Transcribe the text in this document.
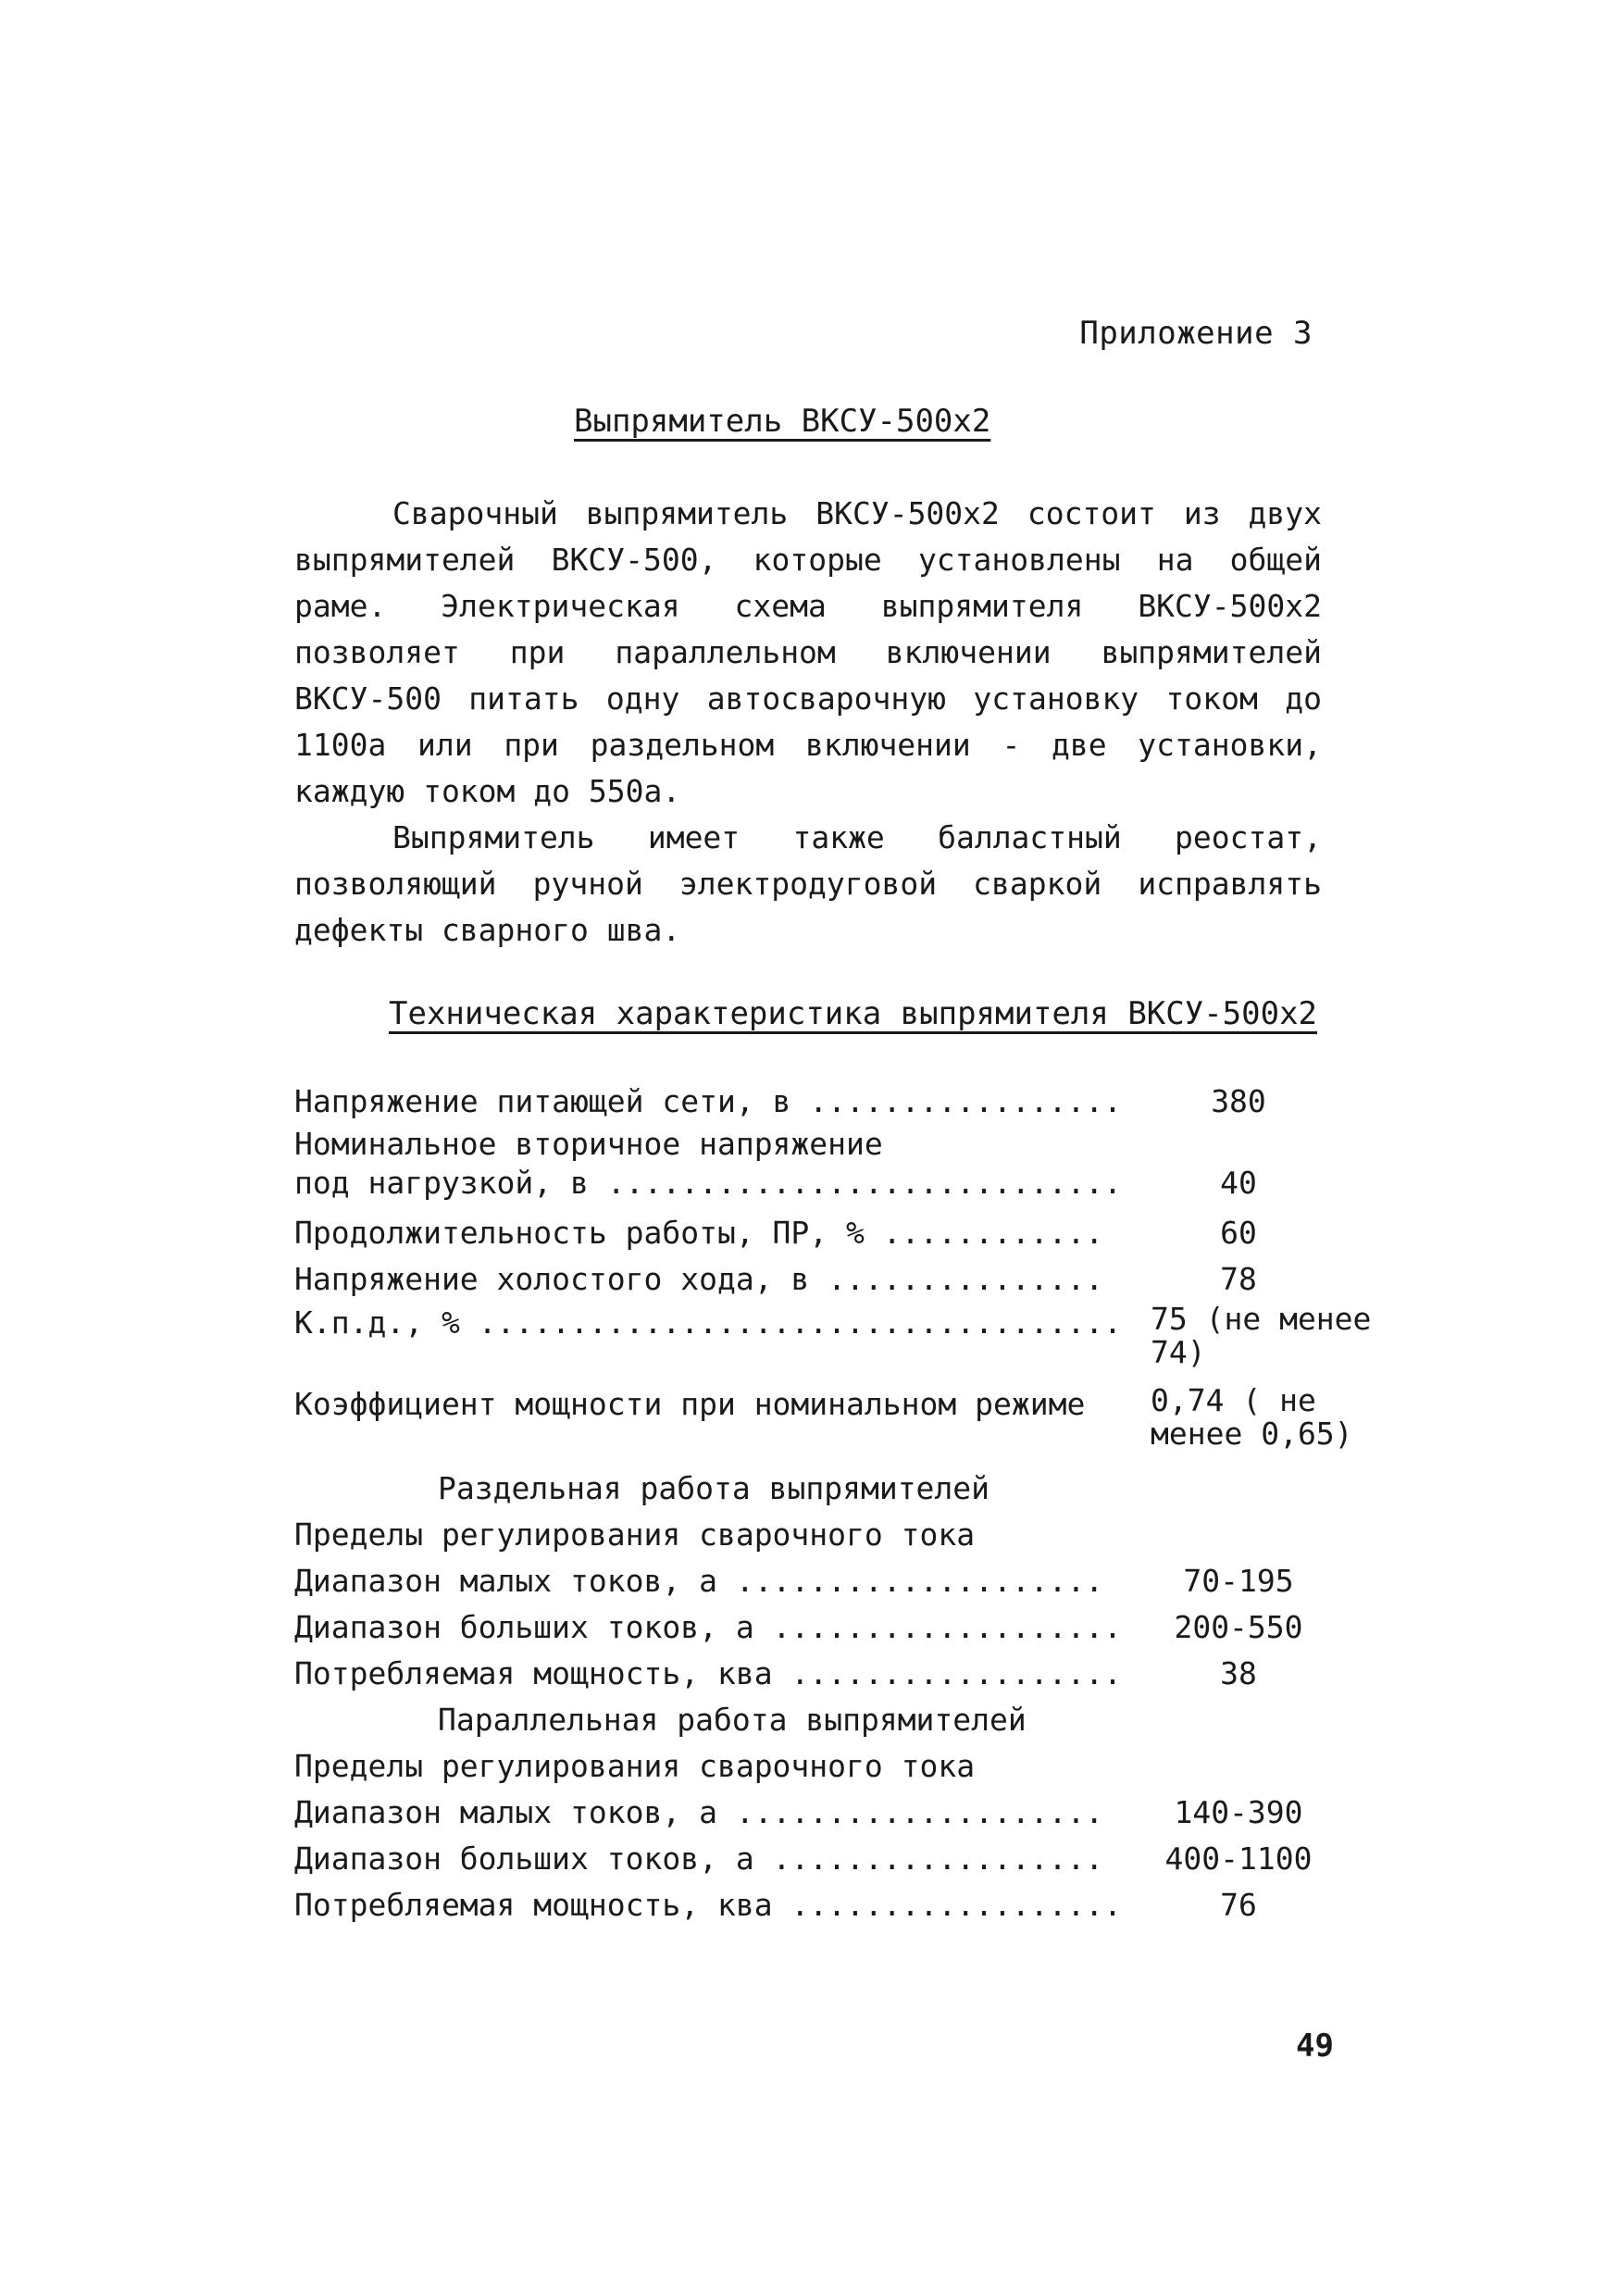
Приложение 3
Выпрямитель ВКСУ-500x2

Сварочный выпрямитель ВКСУ-500х2 состоит из двух выпрямителей ВКСУ-500, которые установлены на общей раме. Электрическая схема выпрямителя ВКСУ-500х2 позволяет при параллельном включении выпрямителей ВКСУ-500 питать одну автосварочную установку током до 1100а или при раздельном включении - две установки, каждую током до 550а.

Выпрямитель имеет также балластный реостат, позволяющий ручной электродуговой сваркой исправлять дефекты сварного шва.

Техническая характеристика выпрямителя ВКСУ-500х2
Напряжение питающей сети, в .................	380
Номинальное вторичное напряжение
под нагрузкой, в ............................	40
Продолжительность работы, ПР, % ............	60
Напряжение холостого хода, в ...............	78
К.п.д., % ................................... 75 (не менее 74)
Коэффициент мощности при номинальном режиме 0,74 ( не менее 0,65)
Раздельная работа выпрямителей
Пределы регулирования сварочного тока
Диапазон малых токов, а ....................	70-195
Диапазон больших токов, а ...................	200-550
Потребляемая мощность, ква ..................	38
Параллельная работа выпрямителей
Пределы регулирования сварочного тока
Диапазон малых токов, а ....................	140-390
Диапазон больших токов, а ..................	400-1100
Потребляемая мощность, ква ..................	76
49
